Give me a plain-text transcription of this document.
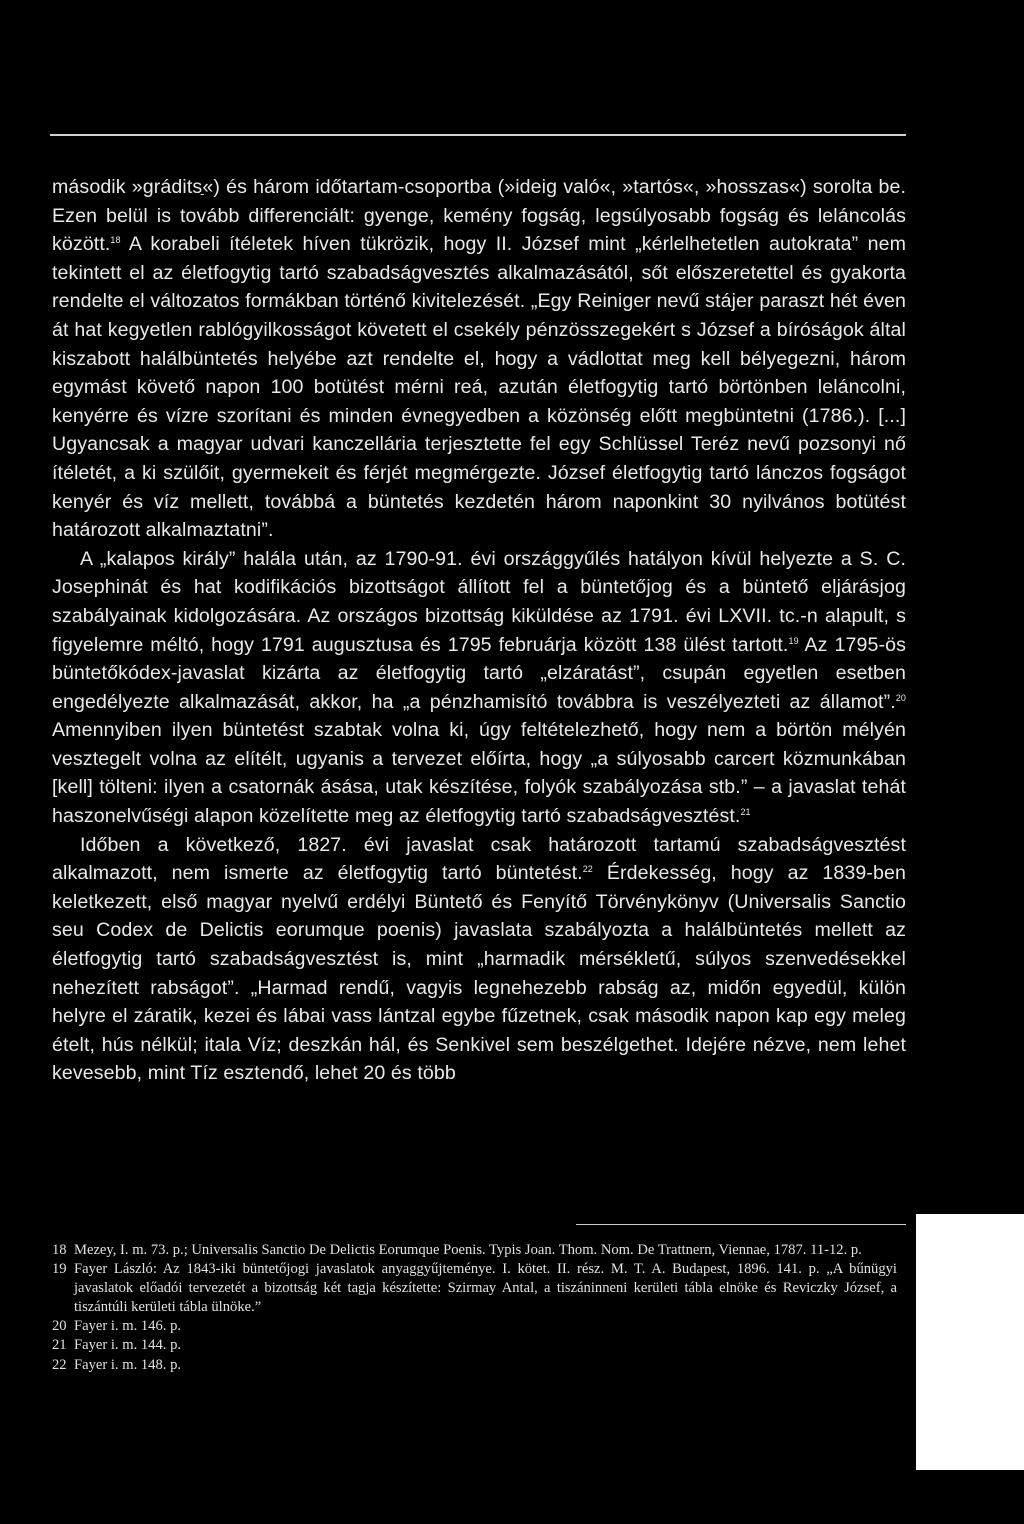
második »gráditsַ«) és három időtartam-csoportba (»ideig való«, »tartós«, »hosszas«) sorolta be. Ezen belül is tovább differenciált: gyenge, kemény fogság, legsúlyosabb fogság és leláncolás között.$^{18}$ A korabeli ítéletek híven tükrözik, hogy II. József mint „kérlelhetetlen autokrata” nem tekintett el az életfogytig tartó szabadságvesztés alkalmazásától, sőt előszeretettel és gyakorta rendelte el változatos formákban történő kivitelezését. „Egy Reiniger nevű stájer paraszt hét éven át hat kegyetlen rablógyilkosságot követett el csekély pénzösszegekért s József a bíróságok által kiszabott halálbüntetés helyébe azt rendelte el, hogy a vádlottat meg kell bélyegezni, három egymást követő napon 100 botütést mérni reá, azután életfogytig tartó börtönben leláncolni, kenyérre és vízre szorítani és minden évnegyedben a közönség előtt megbüntetni (1786.). [...] Ugyancsak a magyar udvari kanczellária terjesztette fel egy Schlüssel Teréz nevű pozsonyi nő ítéletét, a ki szülőit, gyermekeit és férjét megmérgezte. József életfogytig tartó lánczos fogságot kenyér és víz mellett, továbbá a büntetés kezdetén három naponkint 30 nyilvános botütést határozott alkalmaztatni”.

A „kalapos király” halála után, az 1790-91. évi országgyűlés hatályon kívül helyezte a S. C. Josephinát és hat kodifikációs bizottságot állított fel a büntetőjog és a büntető eljárásjog szabályainak kidolgozására. Az országos bizottság kiküldése az 1791. évi LXVII. tc.-n alapult, s figyelemre méltó, hogy 1791 augusztusa és 1795 februárja között 138 ülést tartott.$^{19}$ Az 1795-ös büntetőkódex-javaslat kizárta az életfogytig tartó „elzáratást”, csupán egyetlen esetben engedélyezte alkalmazását, akkor, ha „a pénzhamisító továbbra is veszélyezteti az államot”.$^{20}$ Amennyiben ilyen büntetést szabtak volna ki, úgy feltételezhető, hogy nem a börtön mélyén vesztegelt volna az elítélt, ugyanis a tervezet előírta, hogy „a súlyosabb carcert közmunkában [kell] tölteni: ilyen a csatornák ásása, utak készítése, folyók szabályozása stb.” – a javaslat tehát haszonelvűségi alapon közelítette meg az életfogytig tartó szabadságvesztést.$^{21}$

Időben a következő, 1827. évi javaslat csak határozott tartamú szabadságvesztést alkalmazott, nem ismerte az életfogytig tartó büntetést.$^{22}$ Érdekesség, hogy az 1839-ben keletkezett, első magyar nyelvű erdélyi Büntető és Fenyítő Törvénykönyv (Universalis Sanctio seu Codex de Delictis eorumque poenis) javaslata szabályozta a halálbüntetés mellett az életfogytig tartó szabadságvesztést is, mint „harmadik mérsékletű, súlyos szenvedésekkel nehezített rabságot”. „Harmad rendű, vagyis legnehezebb rabság az, midőn egyedül, külön helyre el záratik, kezei és lábai vass lántzal egybe fűzetnek, csak második napon kap egy meleg ételt, hús nélkül; itala Víz; deszkán hál, és Senkivel sem beszélgethet. Idejére nézve, nem lehet kevesebb, mint Tíz esztendő, lehet 20 és több

18 Mezey, I. m. 73. p.; Universalis Sanctio De Delictis Eorumque Poenis. Typis Joan. Thom. Nom. De Trattnern, Viennae, 1787. 11-12. p.
19 Fayer László: Az 1843-iki büntetőjogi javaslatok anyaggyűjteménye. I. kötet. II. rész. M. T. A. Budapest, 1896. 141. p. „A bűnügyi javaslatok előadói tervezetét a bizottság két tagja készítette: Szirmay Antal, a tiszáninneni kerületi tábla elnöke és Reviczky József, a tiszántúli kerületi tábla ülnöke.”
20 Fayer i. m. 146. p.
21 Fayer i. m. 144. p.
22 Fayer i. m. 148. p.
